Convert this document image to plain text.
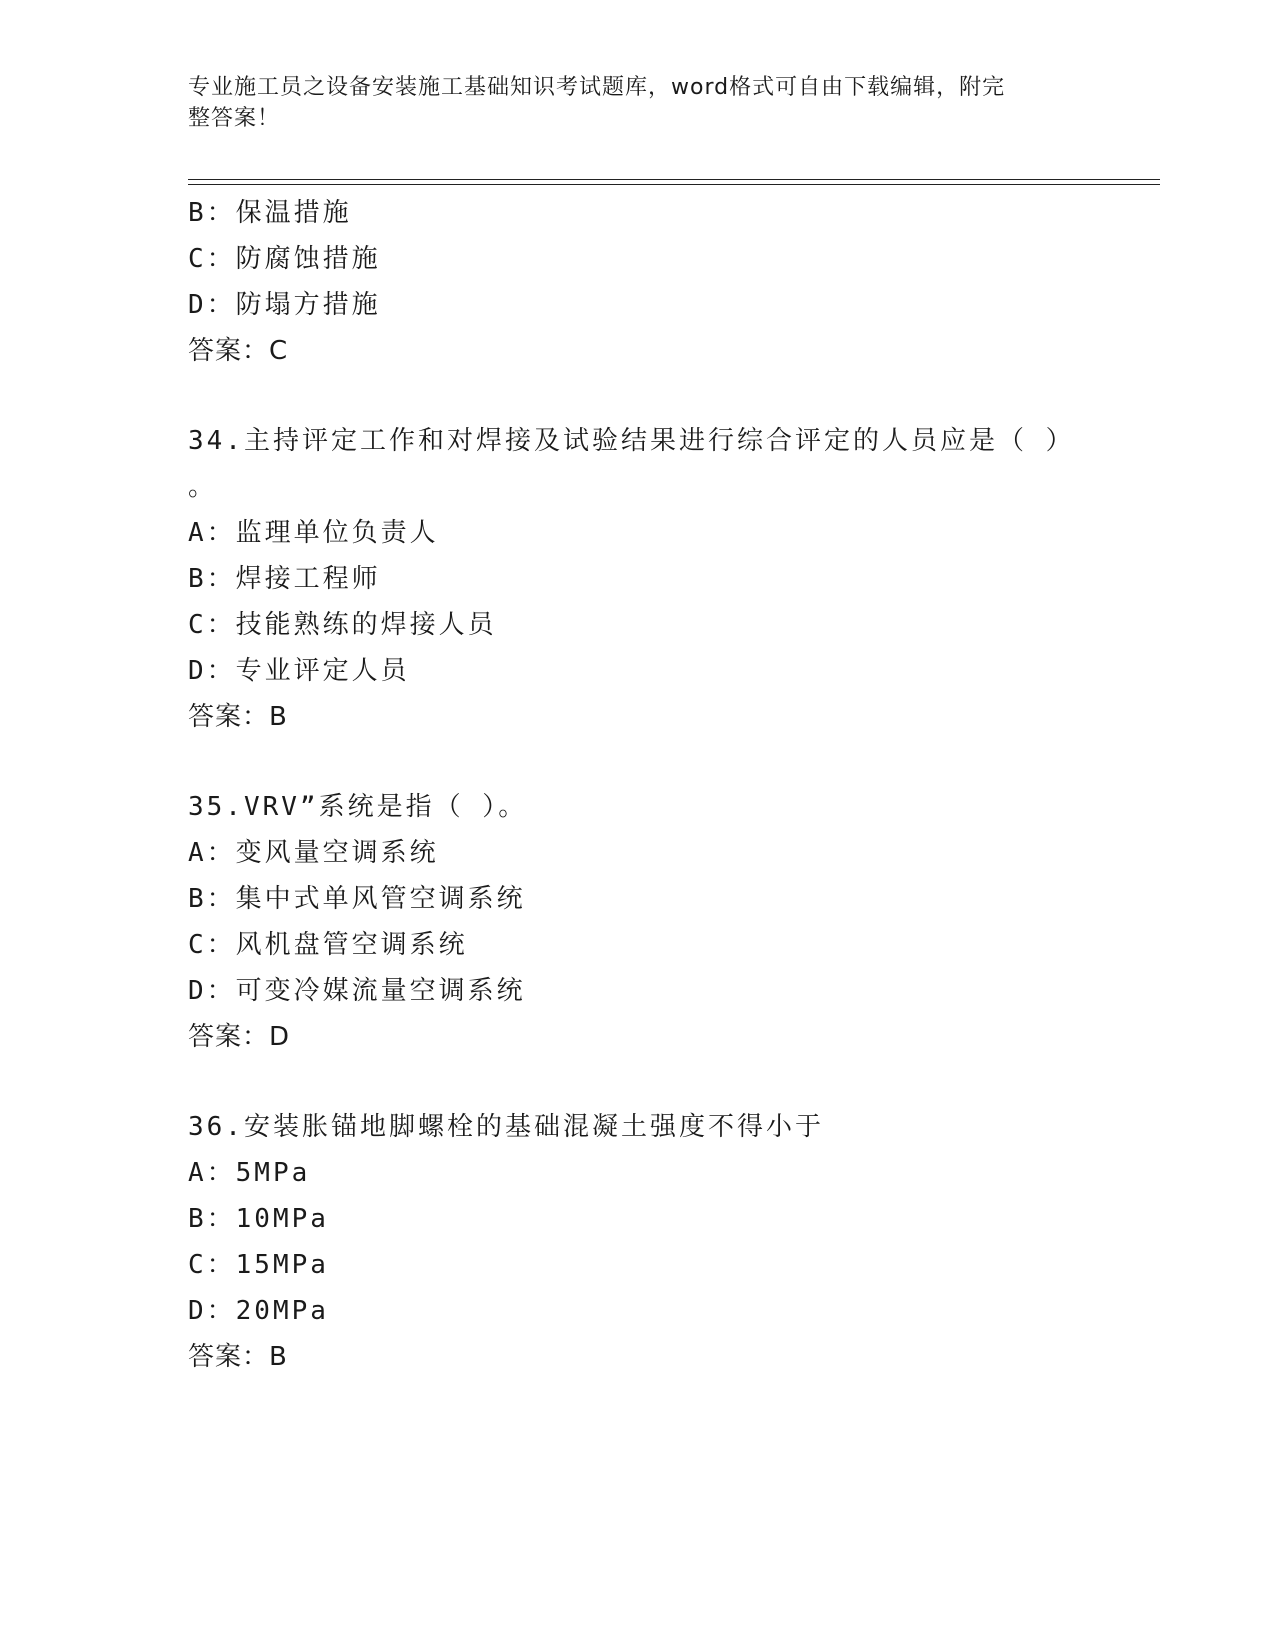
专业施工员之设备安装施工基础知识考试题库，word格式可自由下载编辑，附完
整答案！
B：保温措施
C：防腐蚀措施
D：防塌方措施
答案：C
34.主持评定工作和对焊接及试验结果进行综合评定的人员应是（ ）
。
A：监理单位负责人
B：焊接工程师
C：技能熟练的焊接人员
D：专业评定人员
答案：B
35.VRV”系统是指（ ）。
A：变风量空调系统
B：集中式单风管空调系统
C：风机盘管空调系统
D：可变冷媒流量空调系统
答案：D
36.安装胀锚地脚螺栓的基础混凝土强度不得小于
A：5MPa
B：10MPa
C：15MPa
D：20MPa
答案：B
